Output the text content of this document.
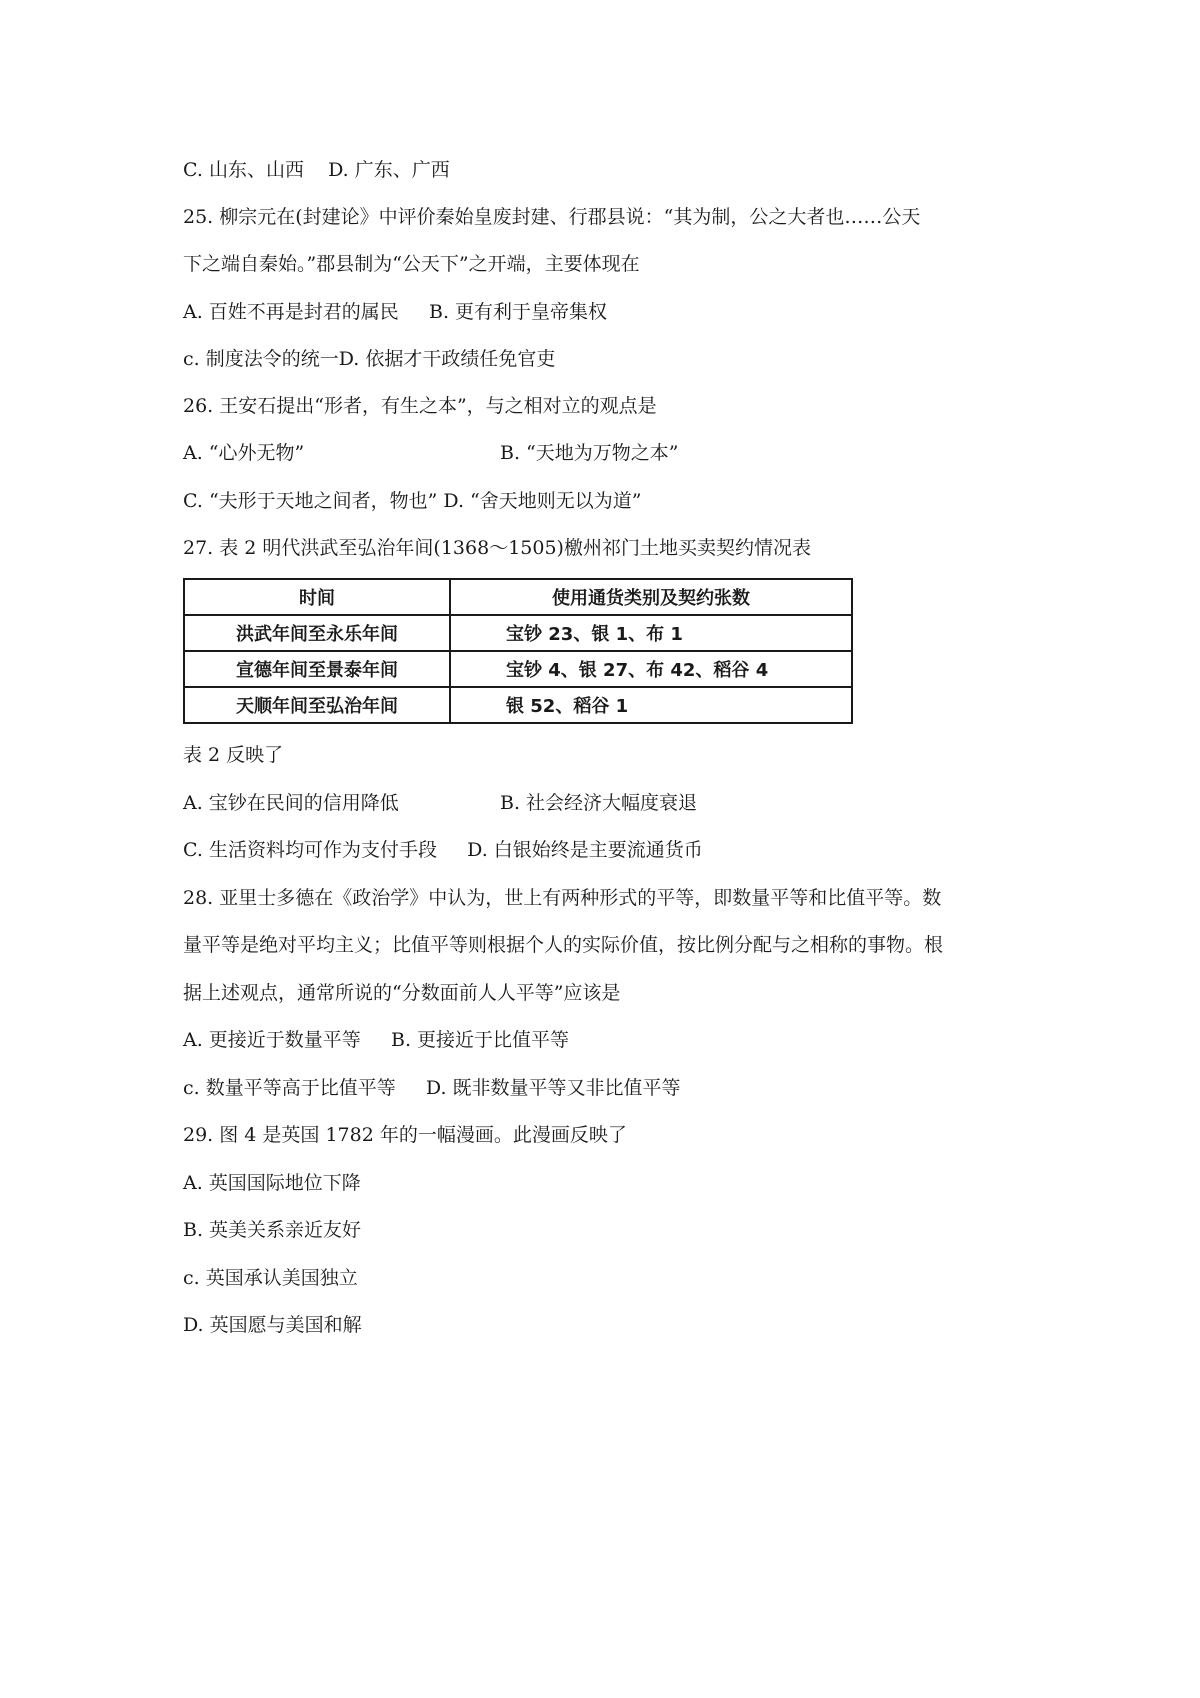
C. 山东、山西    D. 广东、广西
25. 柳宗元在(封建论》中评价秦始皇废封建、行郡县说：“其为制，公之大者也……公天
下之端自秦始。”郡县制为“公天下”之开端，主要体现在
A. 百姓不再是封君的属民     B. 更有利于皇帝集权
c. 制度法令的统一D. 依据才干政绩任免官吏
26. 王安石提出“形者，有生之本”，与之相对立的观点是

A. “心外无物”

	B. “天地为万物之本”

C. “夫形于天地之间者，物也” D. “舍天地则无以为道”
27. 表 2 明代洪武至弘治年间(1368～1505)檄州祁门土地买卖契约情况表
时间	使用通货类别及契约张数
洪武年间至永乐年间	宝钞 23、银 1、布 1
宣德年间至景泰年间	宝钞 4、银 27、布 42、稻谷 4
天顺年间至弘治年间	银 52、稻谷 1
表 2 反映了

A. 宝钞在民间的信用降低

	B. 社会经济大幅度衰退

C. 生活资料均可作为支付手段     D. 白银始终是主要流通货币
28. 亚里士多德在《政治学》中认为，世上有两种形式的平等，即数量平等和比值平等。数
量平等是绝对平均主义；比值平等则根据个人的实际价值，按比例分配与之相称的事物。根
据上述观点，通常所说的“分数面前人人平等”应该是
A. 更接近于数量平等     B. 更接近于比值平等
c. 数量平等高于比值平等     D. 既非数量平等又非比值平等
29. 图 4 是英国 1782 年的一幅漫画。此漫画反映了
A. 英国国际地位下降
B. 英美关系亲近友好
c. 英国承认美国独立
D. 英国愿与美国和解
